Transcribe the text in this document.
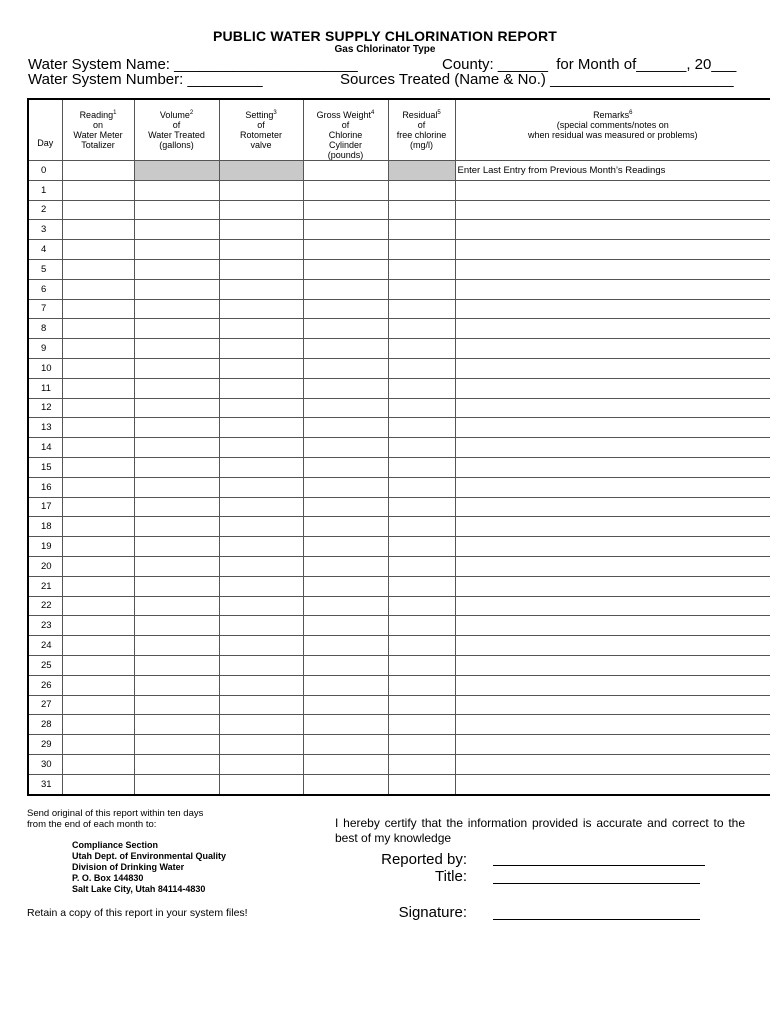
PUBLIC WATER SUPPLY CHLORINATION REPORT
Gas Chlorinator Type
Water System Name: ______________________	County: ______  for Month of______, 20___
Water System Number: _________	Sources Treated (Name & No.) ______________________
Day	Reading$^1$
on
Water Meter
Totalizer	Volume$^2$
of
Water Treated
(gallons)	Setting$^3$
of
Rotometer
valve	Gross Weight$^4$
of
Chlorine
Cylinder
(pounds)	Residual$^5$
of
free chlorine
(mg/l)	Remarks$^6$
(special comments/notes on
when residual was measured or problems)
0						Enter Last Entry from Previous Month’s Readings
1						
2						
3						
4						
5						
6						
7						
8						
9						
10						
11						
12						
13						
14						
15						
16						
17						
18						
19						
20						
21						
22						
23						
24						
25						
26						
27						
28						
29						
30						
31						
Send original of this report within ten days
from the end of each month to:
Compliance Section
Utah Dept. of Environmental Quality
Division of Drinking Water
P. O. Box 144830
Salt Lake City, Utah 84114-4830
Retain a copy of this report in your system files!
I hereby certify that the information provided is accurate and correct to the best of my knowledge
Reported by:
Title:
Signature:
